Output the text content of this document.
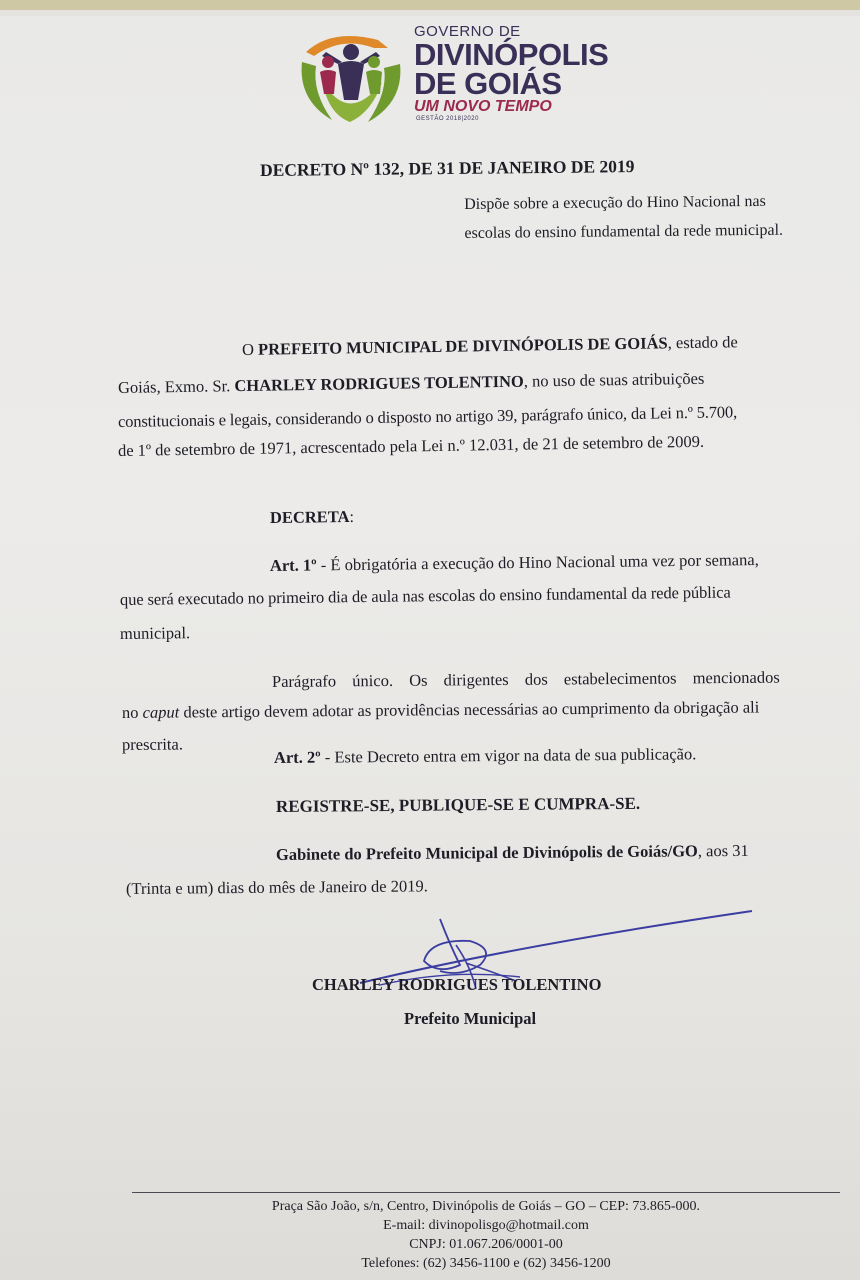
GOVERNO DE
DIVINÓPOLIS
DE GOIÁS
UM NOVO TEMPO
GESTÃO 2018|2020
DECRETO Nº 132, DE 31 DE JANEIRO DE 2019
Dispõe sobre a execução do Hino Nacional nas escolas do ensino fundamental da rede municipal.
O PREFEITO MUNICIPAL DE DIVINÓPOLIS DE GOIÁS, estado de
Goiás, Exmo. Sr. CHARLEY RODRIGUES TOLENTINO, no uso de suas atribuições
constitucionais e legais, considerando o disposto no artigo 39, parágrafo único, da Lei n.º 5.700,
de 1º de setembro de 1971, acrescentado pela Lei n.º 12.031, de 21 de setembro de 2009.
DECRETA:
Art. 1º - É obrigatória a execução do Hino Nacional uma vez por semana,
que será executado no primeiro dia de aula nas escolas do ensino fundamental da rede pública
municipal.
Parágrafo único. Os dirigentes dos estabelecimentos mencionados
no caput deste artigo devem adotar as providências necessárias ao cumprimento da obrigação ali
prescrita.
Art. 2º - Este Decreto entra em vigor na data de sua publicação.
REGISTRE-SE, PUBLIQUE-SE E CUMPRA-SE.
Gabinete do Prefeito Municipal de Divinópolis de Goiás/GO, aos 31
(Trinta e um) dias do mês de Janeiro de 2019.
CHARLEY RODRIGUES TOLENTINO
Prefeito Municipal
Praça São João, s/n, Centro, Divinópolis de Goiás – GO – CEP: 73.865-000.
E-mail: divinopolisgo@hotmail.com
CNPJ: 01.067.206/0001-00
Telefones: (62) 3456-1100 e (62) 3456-1200
